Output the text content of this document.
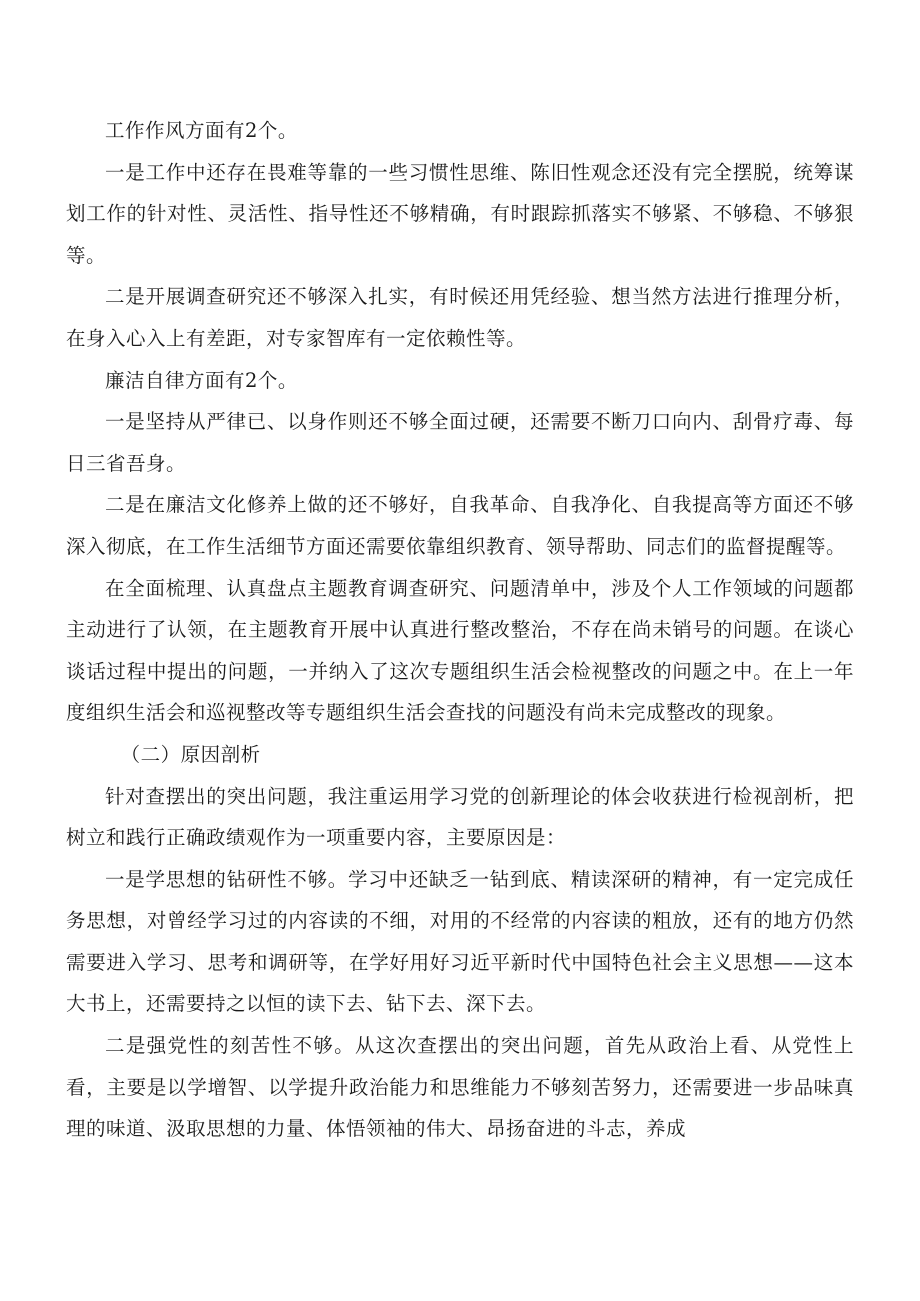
工作作风方面有2个。

一是工作中还存在畏难等靠的一些习惯性思维、陈旧性观念还没有完全摆脱，统筹谋划工作的针对性、灵活性、指导性还不够精确，有时跟踪抓落实不够紧、不够稳、不够狠等。

二是开展调查研究还不够深入扎实，有时候还用凭经验、想当然方法进行推理分析，在身入心入上有差距，对专家智库有一定依赖性等。

廉洁自律方面有2个。

一是坚持从严律已、以身作则还不够全面过硬，还需要不断刀口向内、刮骨疗毒、每日三省吾身。

二是在廉洁文化修养上做的还不够好，自我革命、自我净化、自我提高等方面还不够深入彻底，在工作生活细节方面还需要依靠组织教育、领导帮助、同志们的监督提醒等。

在全面梳理、认真盘点主题教育调查研究、问题清单中，涉及个人工作领域的问题都主动进行了认领，在主题教育开展中认真进行整改整治，不存在尚未销号的问题。在谈心谈话过程中提出的问题，一并纳入了这次专题组织生活会检视整改的问题之中。在上一年度组织生活会和巡视整改等专题组织生活会查找的问题没有尚未完成整改的现象。

（二）原因剖析

针对查摆出的突出问题，我注重运用学习党的创新理论的体会收获进行检视剖析，把树立和践行正确政绩观作为一项重要内容，主要原因是：

一是学思想的钻研性不够。学习中还缺乏一钻到底、精读深研的精神，有一定完成任务思想，对曾经学习过的内容读的不细，对用的不经常的内容读的粗放，还有的地方仍然需要进入学习、思考和调研等，在学好用好习近平新时代中国特色社会主义思想——这本大书上，还需要持之以恒的读下去、钻下去、深下去。

二是强党性的刻苦性不够。从这次查摆出的突出问题，首先从政治上看、从党性上看，主要是以学增智、以学提升政治能力和思维能力不够刻苦努力，还需要进一步品味真理的味道、汲取思想的力量、体悟领袖的伟大、昂扬奋进的斗志，养成
